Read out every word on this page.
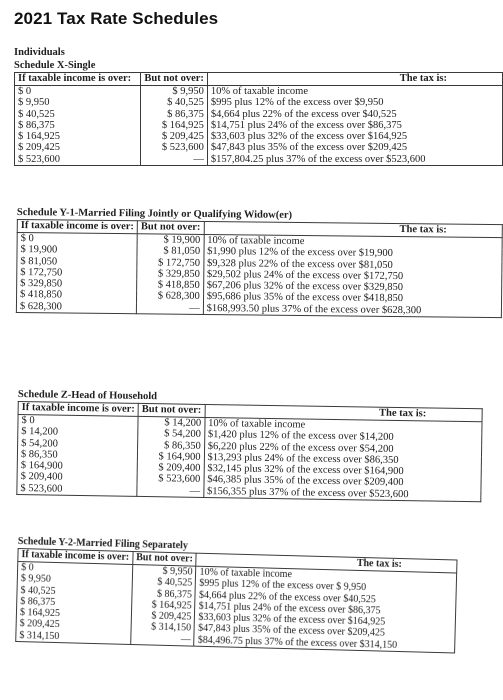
2021 Tax Rate Schedules
Individuals
Schedule X-Single
If taxable income is over:	But not over:	The tax is:
$ 0	$ 9,950	10% of taxable income
$ 9,950	$ 40,525	$995 plus 12% of the excess over $9,950
$ 40,525	$ 86,375	$4,664 plus 22% of the excess over $40,525
$ 86,375	$ 164,925	$14,751 plus 24% of the excess over $86,375
$ 164,925	$ 209,425	$33,603 plus 32% of the excess over $164,925
$ 209,425	$ 523,600	$47,843 plus 35% of the excess over $209,425
$ 523,600	—	$157,804.25 plus 37% of the excess over $523,600
Schedule Y-1-Married Filing Jointly or Qualifying Widow(er)
If taxable income is over:	But not over:	The tax is:
$ 0	$ 19,900	10% of taxable income
$ 19,900	$ 81,050	$1,990 plus 12% of the excess over $19,900
$ 81,050	$ 172,750	$9,328 plus 22% of the excess over $81,050
$ 172,750	$ 329,850	$29,502 plus 24% of the excess over $172,750
$ 329,850	$ 418,850	$67,206 plus 32% of the excess over $329,850
$ 418,850	$ 628,300	$95,686 plus 35% of the excess over $418,850
$ 628,300	—	$168,993.50 plus 37% of the excess over $628,300
Schedule Z-Head of Household
If taxable income is over:	But not over:	The tax is:
$ 0	$ 14,200	10% of taxable income
$ 14,200	$ 54,200	$1,420 plus 12% of the excess over $14,200
$ 54,200	$ 86,350	$6,220 plus 22% of the excess over $54,200
$ 86,350	$ 164,900	$13,293 plus 24% of the excess over $86,350
$ 164,900	$ 209,400	$32,145 plus 32% of the excess over $164,900
$ 209,400	$ 523,600	$46,385 plus 35% of the excess over $209,400
$ 523,600	—	$156,355 plus 37% of the excess over $523,600
Schedule Y-2-Married Filing Separately
If taxable income is over:	But not over:	The tax is:
$ 0	$ 9,950	10% of taxable income
$ 9,950	$ 40,525	$995 plus 12% of the excess over $ 9,950
$ 40,525	$ 86,375	$4,664 plus 22% of the excess over $40,525
$ 86,375	$ 164,925	$14,751 plus 24% of the excess over $86,375
$ 164,925	$ 209,425	$33,603 plus 32% of the excess over $164,925
$ 209,425	$ 314,150	$47,843 plus 35% of the excess over $209,425
$ 314,150	—	$84,496.75 plus 37% of the excess over $314,150
